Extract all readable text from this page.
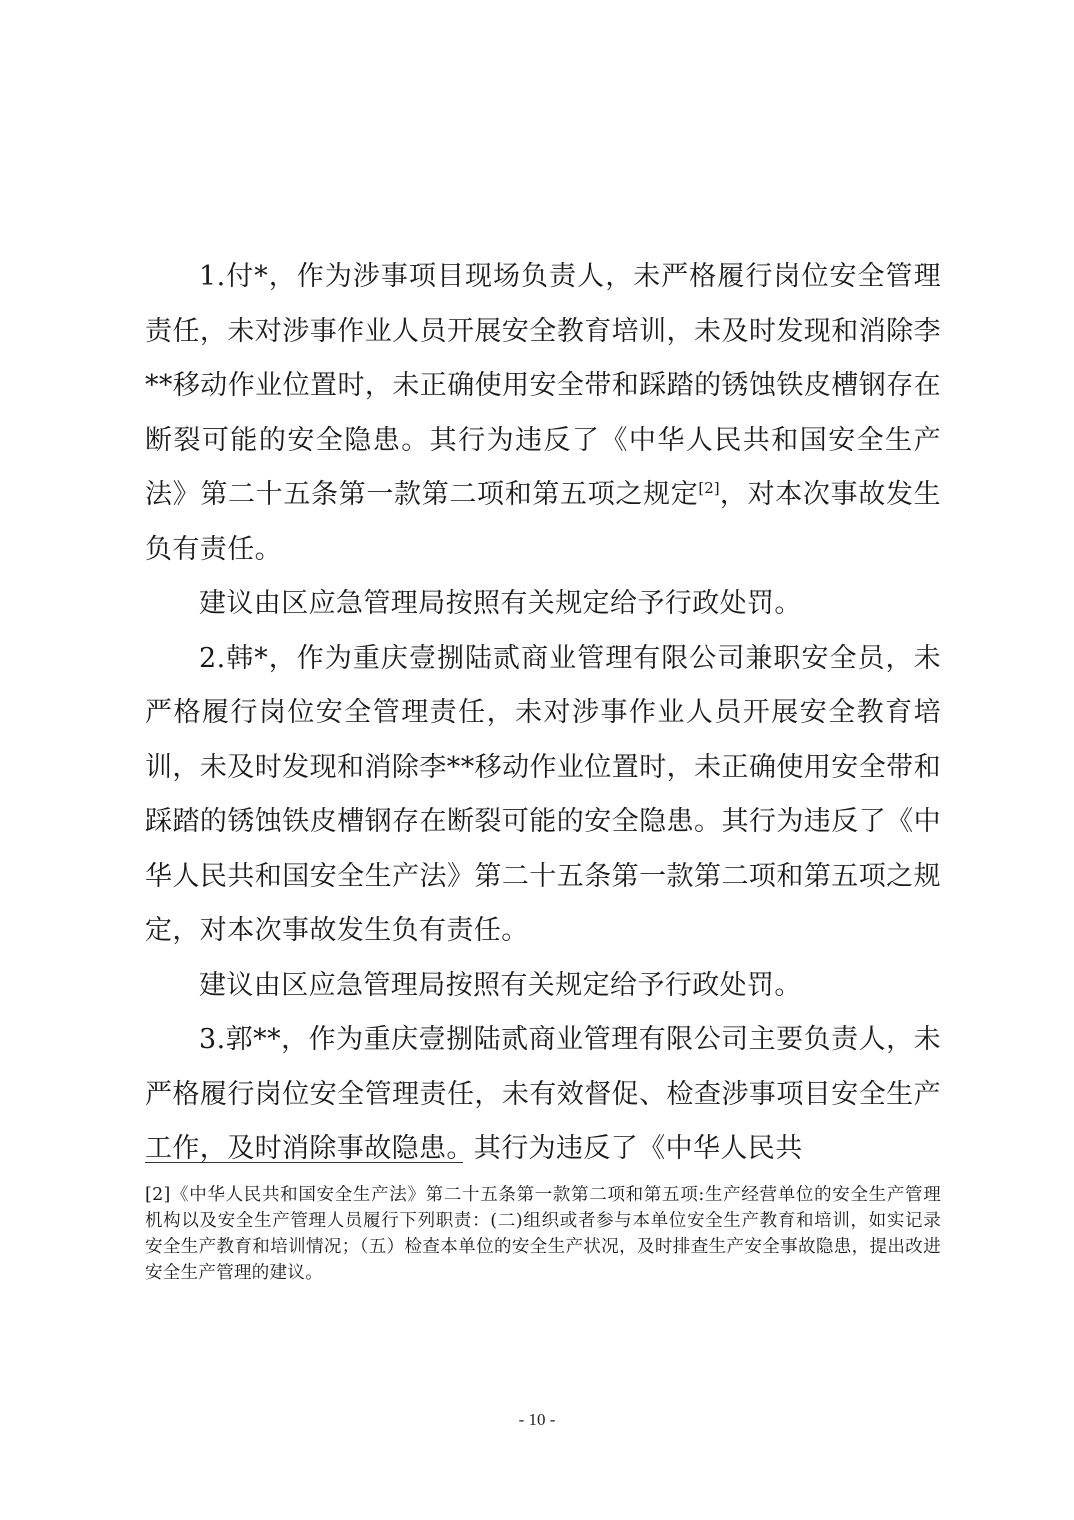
1.付*，作为涉事项目现场负责人，未严格履行岗位安全管理责任，未对涉事作业人员开展安全教育培训，未及时发现和消除李**移动作业位置时，未正确使用安全带和踩踏的锈蚀铁皮槽钢存在断裂可能的安全隐患。其行为违反了《中华人民共和国安全生产法》第二十五条第一款第二项和第五项之规定[2]，对本次事故发生负有责任。

建议由区应急管理局按照有关规定给予行政处罚。

2.韩*，作为重庆壹捌陆贰商业管理有限公司兼职安全员，未严格履行岗位安全管理责任，未对涉事作业人员开展安全教育培训，未及时发现和消除李**移动作业位置时，未正确使用安全带和踩踏的锈蚀铁皮槽钢存在断裂可能的安全隐患。其行为违反了《中华人民共和国安全生产法》第二十五条第一款第二项和第五项之规定，对本次事故发生负有责任。

建议由区应急管理局按照有关规定给予行政处罚。

3.郭**，作为重庆壹捌陆贰商业管理有限公司主要负责人，未严格履行岗位安全管理责任，未有效督促、检查涉事项目安全生产工作，及时消除事故隐患。其行为违反了《中华人民共

[2]《中华人民共和国安全生产法》第二十五条第一款第二项和第五项:生产经营单位的安全生产管理机构以及安全生产管理人员履行下列职责：(二)组织或者参与本单位安全生产教育和培训，如实记录安全生产教育和培训情况；（五）检查本单位的安全生产状况，及时排查生产安全事故隐患，提出改进安全生产管理的建议。

- 10 -
